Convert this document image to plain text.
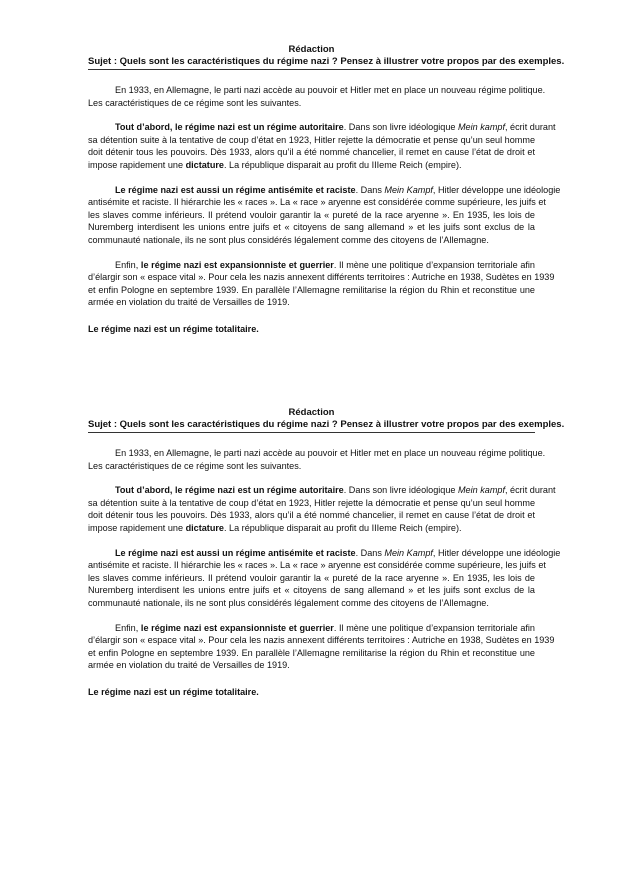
Rédaction
Sujet : Quels sont les caractéristiques du régime nazi ? Pensez à illustrer votre propos par des exemples.

En 1933, en Allemagne, le parti nazi accède au pouvoir et Hitler met en place un nouveau régime politique.
Les caractéristiques de ce régime sont les suivantes.

Tout d’abord, le régime nazi est un régime autoritaire. Dans son livre idéologique Mein kampf, écrit durant
sa détention suite à la tentative de coup d’état en 1923, Hitler rejette la démocratie et pense qu’un seul homme
doit détenir tous les pouvoirs. Dès 1933, alors qu’il a été nommé chancelier, il remet en cause l’état de droit et
impose rapidement une dictature. La république disparait au profit du IIIeme Reich (empire).

Le régime nazi est aussi un régime antisémite et raciste. Dans Mein Kampf, Hitler développe une idéologie
antisémite et raciste. Il hiérarchie les « races ». La « race » aryenne est considérée comme supérieure, les juifs et
les slaves comme inférieurs. Il prétend vouloir garantir la « pureté de la race aryenne ». En 1935, les lois de
Nuremberg interdisent les unions entre juifs et « citoyens de sang allemand » et les juifs sont exclus de la
communauté nationale, ils ne sont plus considérés légalement comme des citoyens de l’Allemagne.

Enfin, le régime nazi est expansionniste et guerrier. Il mène une politique d’expansion territoriale afin
d’élargir son « espace vital ». Pour cela les nazis annexent différents territoires : Autriche en 1938, Sudètes en 1939
et enfin Pologne en septembre 1939. En parallèle l’Allemagne remilitarise la région du Rhin et reconstitue une
armée en violation du traité de Versailles de 1919.

Le régime nazi est un régime totalitaire.
Rédaction
Sujet : Quels sont les caractéristiques du régime nazi ? Pensez à illustrer votre propos par des exemples.

En 1933, en Allemagne, le parti nazi accède au pouvoir et Hitler met en place un nouveau régime politique.
Les caractéristiques de ce régime sont les suivantes.

Tout d’abord, le régime nazi est un régime autoritaire. Dans son livre idéologique Mein kampf, écrit durant
sa détention suite à la tentative de coup d’état en 1923, Hitler rejette la démocratie et pense qu’un seul homme
doit détenir tous les pouvoirs. Dès 1933, alors qu’il a été nommé chancelier, il remet en cause l’état de droit et
impose rapidement une dictature. La république disparait au profit du IIIeme Reich (empire).

Le régime nazi est aussi un régime antisémite et raciste. Dans Mein Kampf, Hitler développe une idéologie
antisémite et raciste. Il hiérarchie les « races ». La « race » aryenne est considérée comme supérieure, les juifs et
les slaves comme inférieurs. Il prétend vouloir garantir la « pureté de la race aryenne ». En 1935, les lois de
Nuremberg interdisent les unions entre juifs et « citoyens de sang allemand » et les juifs sont exclus de la
communauté nationale, ils ne sont plus considérés légalement comme des citoyens de l’Allemagne.

Enfin, le régime nazi est expansionniste et guerrier. Il mène une politique d’expansion territoriale afin
d’élargir son « espace vital ». Pour cela les nazis annexent différents territoires : Autriche en 1938, Sudètes en 1939
et enfin Pologne en septembre 1939. En parallèle l’Allemagne remilitarise la région du Rhin et reconstitue une
armée en violation du traité de Versailles de 1919.

Le régime nazi est un régime totalitaire.
